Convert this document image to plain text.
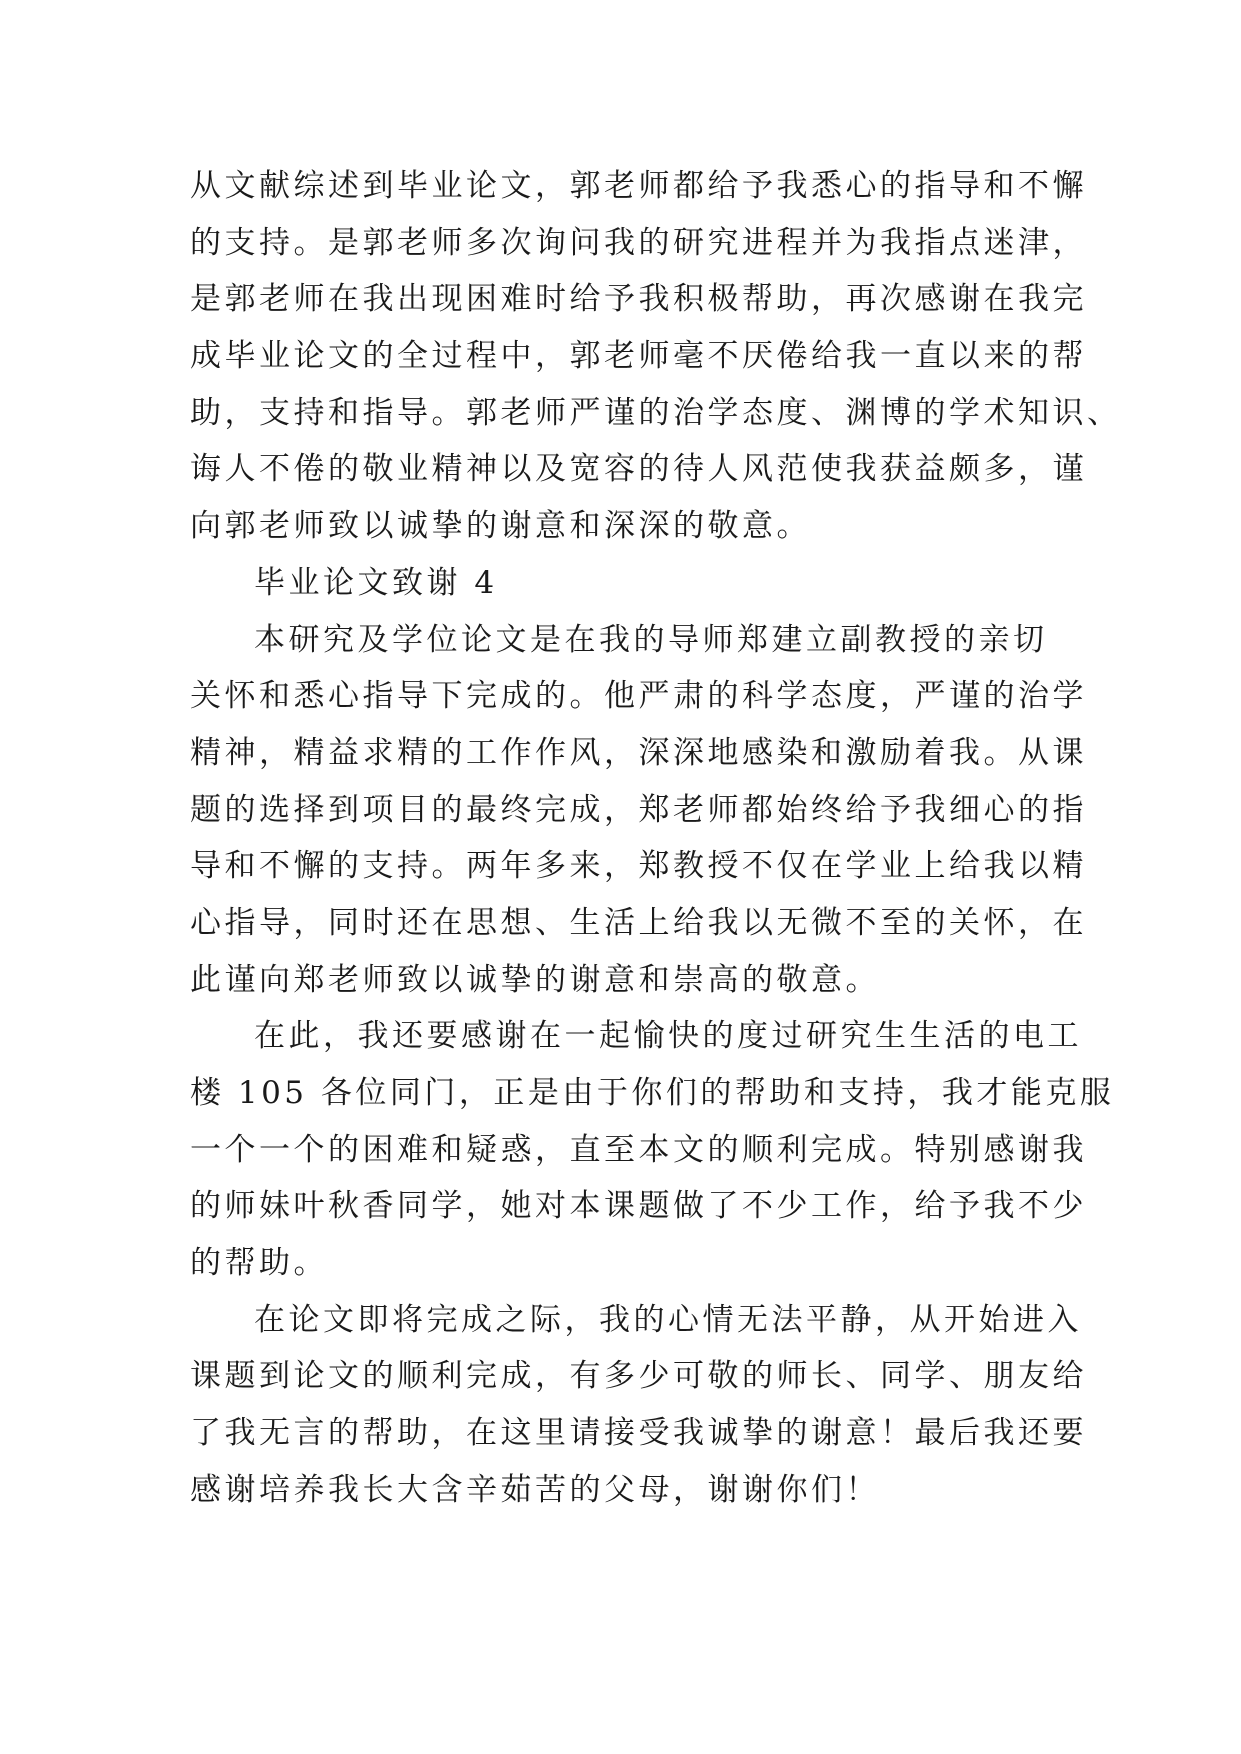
从文献综述到毕业论文，郭老师都给予我悉心的指导和不懈
的支持。是郭老师多次询问我的研究进程并为我指点迷津，
是郭老师在我出现困难时给予我积极帮助，再次感谢在我完
成毕业论文的全过程中，郭老师毫不厌倦给我一直以来的帮
助，支持和指导。郭老师严谨的治学态度、渊博的学术知识、
诲人不倦的敬业精神以及宽容的待人风范使我获益颇多，谨
向郭老师致以诚挚的谢意和深深的敬意。
毕业论文致谢 4
本研究及学位论文是在我的导师郑建立副教授的亲切
关怀和悉心指导下完成的。他严肃的科学态度，严谨的治学
精神，精益求精的工作作风，深深地感染和激励着我。从课
题的选择到项目的最终完成，郑老师都始终给予我细心的指
导和不懈的支持。两年多来，郑教授不仅在学业上给我以精
心指导，同时还在思想、生活上给我以无微不至的关怀，在
此谨向郑老师致以诚挚的谢意和崇高的敬意。
在此，我还要感谢在一起愉快的度过研究生生活的电工
楼 105 各位同门，正是由于你们的帮助和支持，我才能克服
一个一个的困难和疑惑，直至本文的顺利完成。特别感谢我
的师妹叶秋香同学，她对本课题做了不少工作，给予我不少
的帮助。
在论文即将完成之际，我的心情无法平静，从开始进入
课题到论文的顺利完成，有多少可敬的师长、同学、朋友给
了我无言的帮助，在这里请接受我诚挚的谢意！最后我还要
感谢培养我长大含辛茹苦的父母，谢谢你们！
